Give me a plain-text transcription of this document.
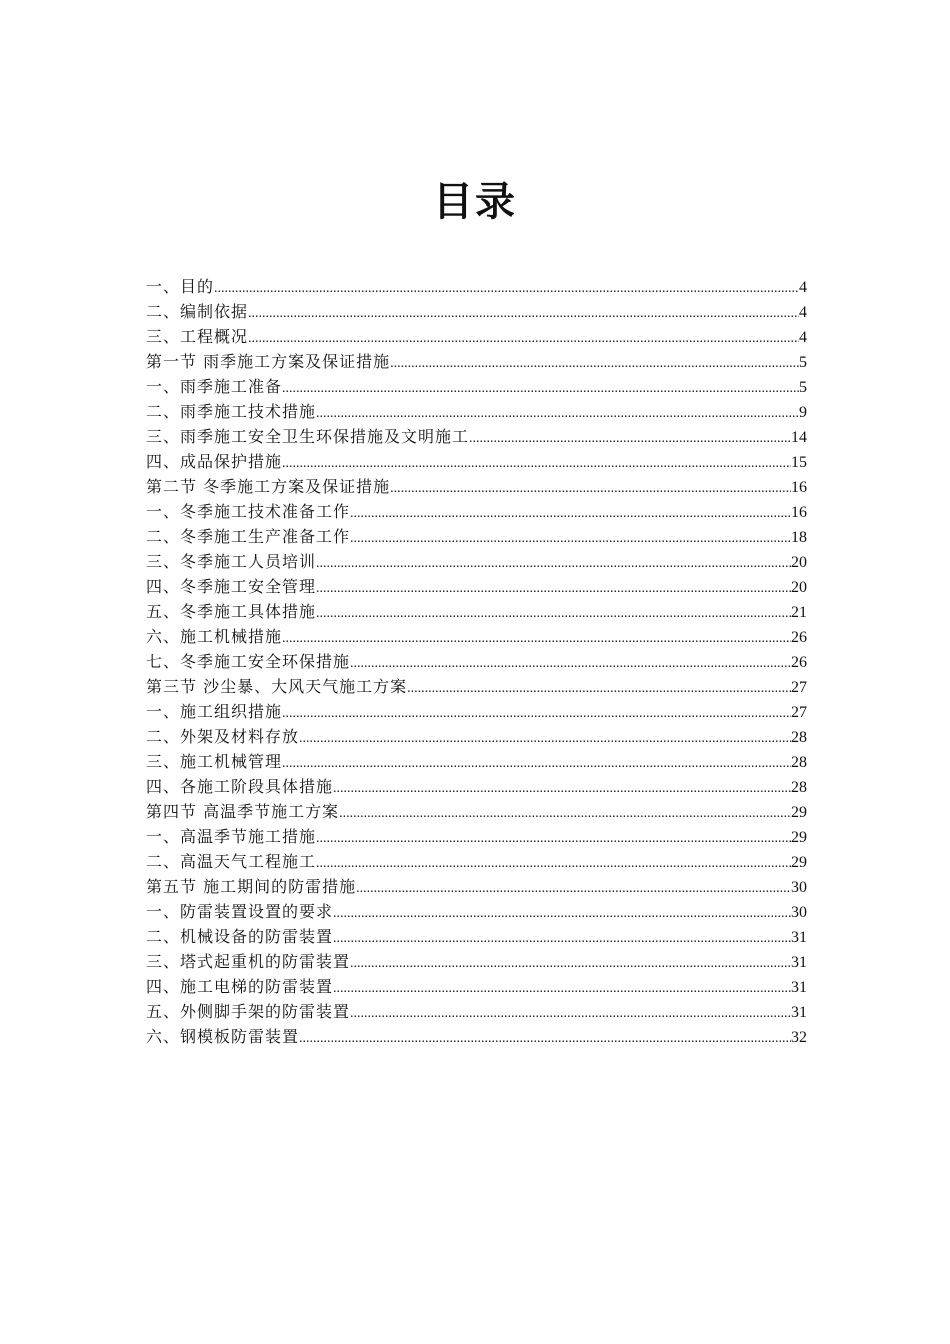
目录
一、目的 .....	4
二、编制依据 .....	4
三、工程概况 .....	4
第一节 雨季施工方案及保证措施 .....	5
一、雨季施工准备 .....	5
二、雨季施工技术措施 .....	9
三、雨季施工安全卫生环保措施及文明施工 .....	14
四、成品保护措施 .....	15
第二节 冬季施工方案及保证措施 .....	16
一、冬季施工技术准备工作 .....	16
二、冬季施工生产准备工作 .....	18
三、冬季施工人员培训 .....	20
四、冬季施工安全管理 .....	20
五、冬季施工具体措施 .....	21
六、施工机械措施 .....	26
七、冬季施工安全环保措施 .....	26
第三节 沙尘暴、大风天气施工方案 .....	27
一、施工组织措施 .....	27
二、外架及材料存放 .....	28
三、施工机械管理 .....	28
四、各施工阶段具体措施 .....	28
第四节 高温季节施工方案 .....	29
一、高温季节施工措施 .....	29
二、高温天气工程施工 .....	29
第五节 施工期间的防雷措施 .....	30
一、防雷装置设置的要求 .....	30
二、机械设备的防雷装置 .....	31
三、塔式起重机的防雷装置 .....	31
四、施工电梯的防雷装置 .....	31
五、外侧脚手架的防雷装置 .....	31
六、钢模板防雷装置 .....	32
